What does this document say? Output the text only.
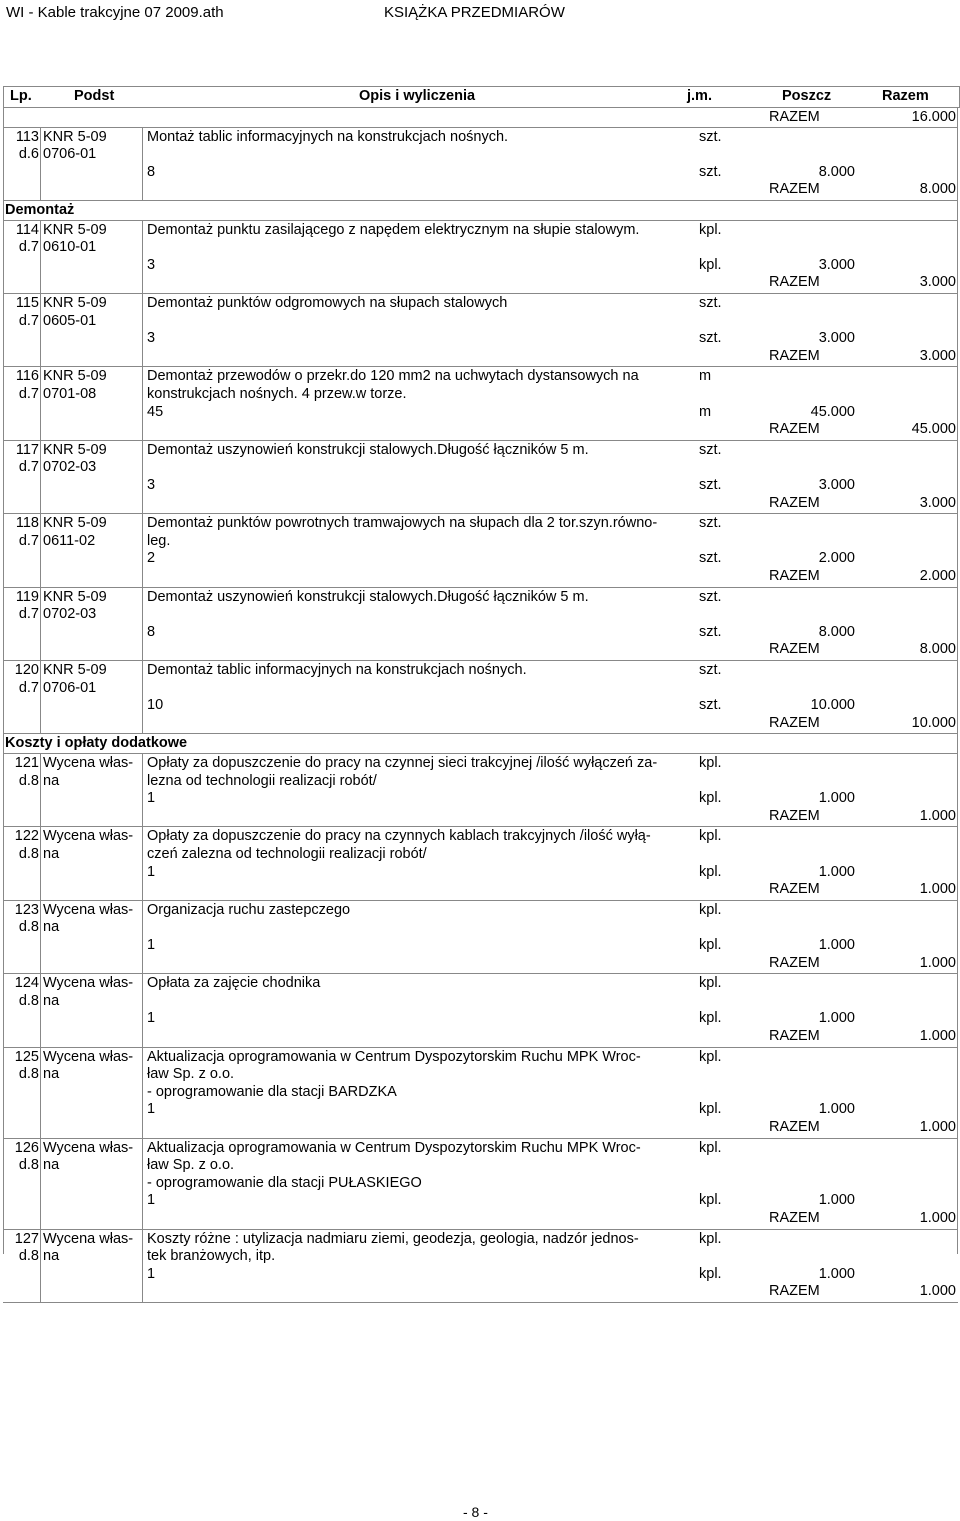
WI - Kable trakcyjne 07 2009.ath	KSIĄŻKA PRZEDMIARÓW
Lp.	Podst	Opis i wyliczenia	j.m.	Poszcz	Razem
RAZEM	16.000
113 KNR 5-09
d.6 0706-01
Montaż tablic informacyjnych na konstrukcjach nośnych.	szt.
8	szt.	8.000
RAZEM	8.000
Demontaż
114 KNR 5-09
d.7 0610-01
Demontaż punktu zasilającego z napędem elektrycznym na słupie stalowym.	kpl.
3	kpl.	3.000
RAZEM	3.000
115 KNR 5-09
d.7 0605-01
Demontaż punktów odgromowych na słupach stalowych	szt.
3	szt.	3.000
RAZEM	3.000
116 KNR 5-09
d.7 0701-08
Demontaż przewodów o przekr.do 120 mm2 na uchwytach dystansowych na
konstrukcjach nośnych. 4 przew.w torze.
m
45	m	45.000
RAZEM	45.000
117 KNR 5-09
d.7 0702-03
Demontaż uszynowień konstrukcji stalowych.Długość łączników 5 m.	szt.
3	szt.	3.000
RAZEM	3.000
118 KNR 5-09
d.7 0611-02
Demontaż punktów powrotnych tramwajowych na słupach dla 2 tor.szyn.równo-
leg.
szt.
2	szt.	2.000
RAZEM	2.000
119 KNR 5-09
d.7 0702-03
Demontaż uszynowień konstrukcji stalowych.Długość łączników 5 m.	szt.
8	szt.	8.000
RAZEM	8.000
120 KNR 5-09
d.7 0706-01
Demontaż tablic informacyjnych na konstrukcjach nośnych.	szt.
10	szt.	10.000
RAZEM	10.000
Koszty i opłaty dodatkowe
121 Wycena włas-
d.8 na
Opłaty za dopuszczenie do pracy na czynnej sieci trakcyjnej /ilość wyłączeń za-
lezna od technologii realizacji robót/
kpl.
1	kpl.	1.000
RAZEM	1.000
122 Wycena włas-
d.8 na
Opłaty za dopuszczenie do pracy na czynnych kablach trakcyjnych /ilość wyłą-
czeń zalezna od technologii realizacji robót/
kpl.
1	kpl.	1.000
RAZEM	1.000
123 Wycena włas-
d.8 na
Organizacja ruchu zastepczego	kpl.
1	kpl.	1.000
RAZEM	1.000
124 Wycena włas-
d.8 na
Opłata za zajęcie chodnika	kpl.
1	kpl.	1.000
RAZEM	1.000
125 Wycena włas-
d.8 na
Aktualizacja oprogramowania w Centrum Dyspozytorskim Ruchu MPK Wroc-
ław Sp. z o.o.
- oprogramowanie dla stacji BARDZKA
kpl.
1	kpl.	1.000
RAZEM	1.000
126 Wycena włas-
d.8 na
Aktualizacja oprogramowania w Centrum Dyspozytorskim Ruchu MPK Wroc-
ław Sp. z o.o.
- oprogramowanie dla stacji PUŁASKIEGO
kpl.
1	kpl.	1.000
RAZEM	1.000
127 Wycena włas-
d.8 na
Koszty różne : utylizacja nadmiaru ziemi, geodezja, geologia, nadzór jednos-
tek branżowych, itp.
kpl.
1	kpl.	1.000
RAZEM	1.000
- 8 -
